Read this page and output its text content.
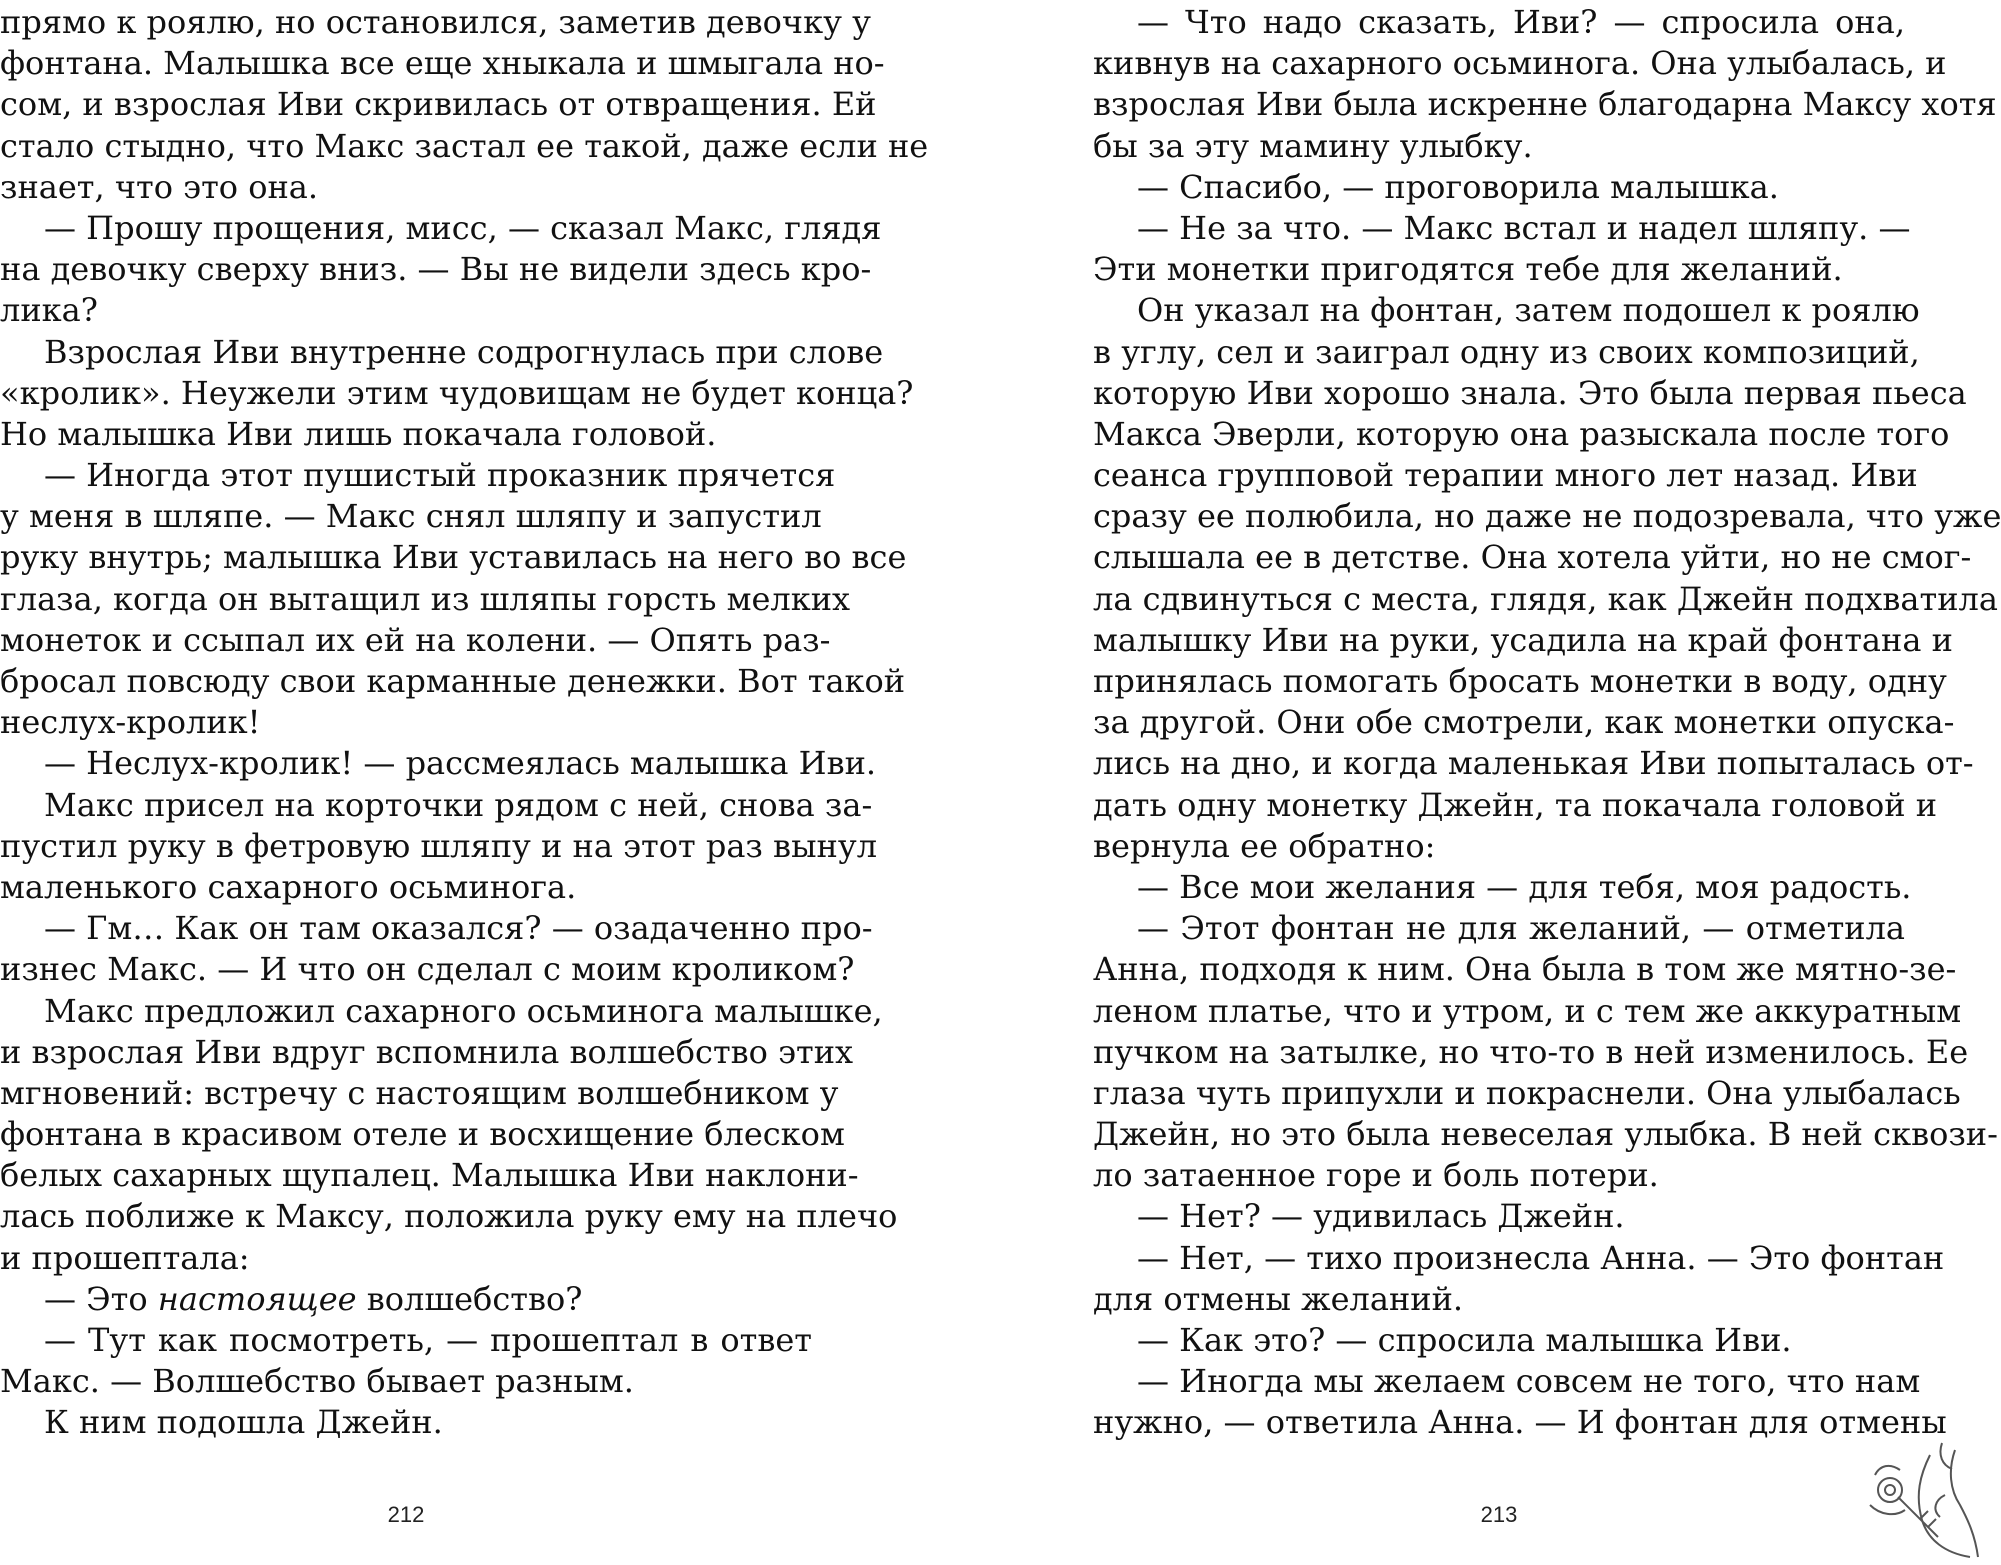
прямо к роялю, но остановился, заметив девочку у
фонтана. Малышка все еще хныкала и шмыгала но-
сом, и взрослая Иви скривилась от отвращения. Ей
стало стыдно, что Макс застал ее такой, даже если не
знает, что это она.
— Прошу прощения, мисс, — сказал Макс, глядя
на девочку сверху вниз. — Вы не видели здесь кро-
лика?
Взрослая Иви внутренне содрогнулась при слове
«кролик». Неужели этим чудовищам не будет конца?
Но малышка Иви лишь покачала головой.
— Иногда этот пушистый проказник прячется
у меня в шляпе. — Макс снял шляпу и запустил
руку внутрь; малышка Иви уставилась на него во все
глаза, когда он вытащил из шляпы горсть мелких
монеток и ссыпал их ей на колени. — Опять раз-
бросал повсюду свои карманные денежки. Вот такой
неслух-кролик!
— Неслух-кролик! — рассмеялась малышка Иви.
Макс присел на корточки рядом с ней, снова за-
пустил руку в фетровую шляпу и на этот раз вынул
маленького сахарного осьминога.
— Гм… Как он там оказался? — озадаченно про-
изнес Макс. — И что он сделал с моим кроликом?
Макс предложил сахарного осьминога малышке,
и взрослая Иви вдруг вспомнила волшебство этих
мгновений: встречу с настоящим волшебником у
фонтана в красивом отеле и восхищение блеском
белых сахарных щупалец. Малышка Иви наклони-
лась поближе к Максу, положила руку ему на плечо
и прошептала:
— Это настоящее волшебство?
— Тут как посмотреть, — прошептал в ответ
Макс. — Волшебство бывает разным.
К ним подошла Джейн.
212
— Что надо сказать, Иви? — спросила она,
кивнув на сахарного осьминога. Она улыбалась, и
взрослая Иви была искренне благодарна Максу хотя
бы за эту мамину улыбку.
— Спасибо, — проговорила малышка.
— Не за что. — Макс встал и надел шляпу. —
Эти монетки пригодятся тебе для желаний.
Он указал на фонтан, затем подошел к роялю
в углу, сел и заиграл одну из своих композиций,
которую Иви хорошо знала. Это была первая пьеса
Макса Эверли, которую она разыскала после того
сеанса групповой терапии много лет назад. Иви
сразу ее полюбила, но даже не подозревала, что уже
слышала ее в детстве. Она хотела уйти, но не смог-
ла сдвинуться с места, глядя, как Джейн подхватила
малышку Иви на руки, усадила на край фонтана и
принялась помогать бросать монетки в воду, одну
за другой. Они обе смотрели, как монетки опуска-
лись на дно, и когда маленькая Иви попыталась от-
дать одну монетку Джейн, та покачала головой и
вернула ее обратно:
— Все мои желания — для тебя, моя радость.
— Этот фонтан не для желаний, — отметила
Анна, подходя к ним. Она была в том же мятно-зе-
леном платье, что и утром, и с тем же аккуратным
пучком на затылке, но что-то в ней изменилось. Ее
глаза чуть припухли и покраснели. Она улыбалась
Джейн, но это была невеселая улыбка. В ней сквози-
ло затаенное горе и боль потери.
— Нет? — удивилась Джейн.
— Нет, — тихо произнесла Анна. — Это фонтан
для отмены желаний.
— Как это? — спросила малышка Иви.
— Иногда мы желаем совсем не того, что нам
нужно, — ответила Анна. — И фонтан для отмены
213
